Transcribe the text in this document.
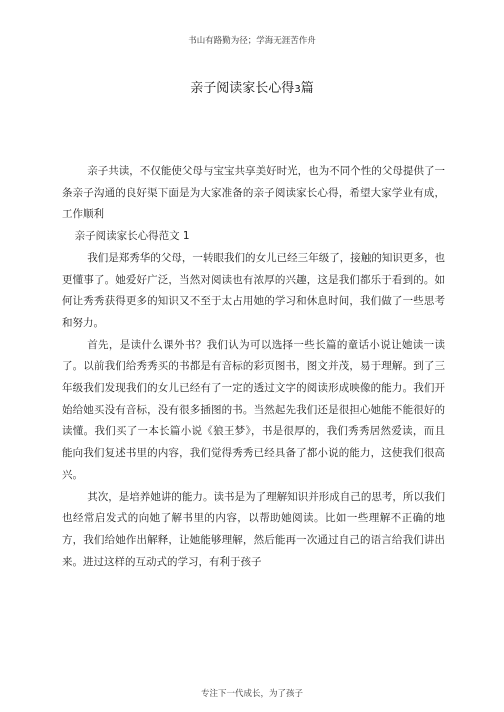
书山有路勤为径；学海无涯苦作舟
亲子阅读家长心得3篇

亲子共读，不仅能使父母与宝宝共享美好时光，也为不同个性的父母提供了一条亲子沟通的良好渠下面是为大家准备的亲子阅读家长心得，希望大家学业有成，工作顺利

亲子阅读家长心得范文 1

我们是郑秀华的父母，一转眼我们的女儿已经三年级了，接触的知识更多，也更懂事了。她爱好广泛，当然对阅读也有浓厚的兴趣，这是我们都乐于看到的。如何让秀秀获得更多的知识又不至于太占用她的学习和休息时间，我们做了一些思考和努力。

首先，是读什么课外书？我们认为可以选择一些长篇的童话小说让她读一读了。以前我们给秀秀买的书都是有音标的彩页图书，图文并茂，易于理解。到了三年级我们发现我们的女儿已经有了一定的透过文字的阅读形成映像的能力。我们开始给她买没有音标，没有很多插图的书。当然起先我们还是很担心她能不能很好的读懂。我们买了一本长篇小说《狼王梦》，书是很厚的，我们秀秀居然爱读，而且能向我们复述书里的内容，我们觉得秀秀已经具备了都小说的能力，这使我们很高兴。

其次，是培养她讲的能力。读书是为了理解知识并形成自己的思考，所以我们也经常启发式的向她了解书里的内容，以帮助她阅读。比如一些理解不正确的地方，我们给她作出解释，让她能够理解，然后能再一次通过自己的语言给我们讲出来。进过这样的互动式的学习，有利于孩子

专注下一代成长，为了孩子
